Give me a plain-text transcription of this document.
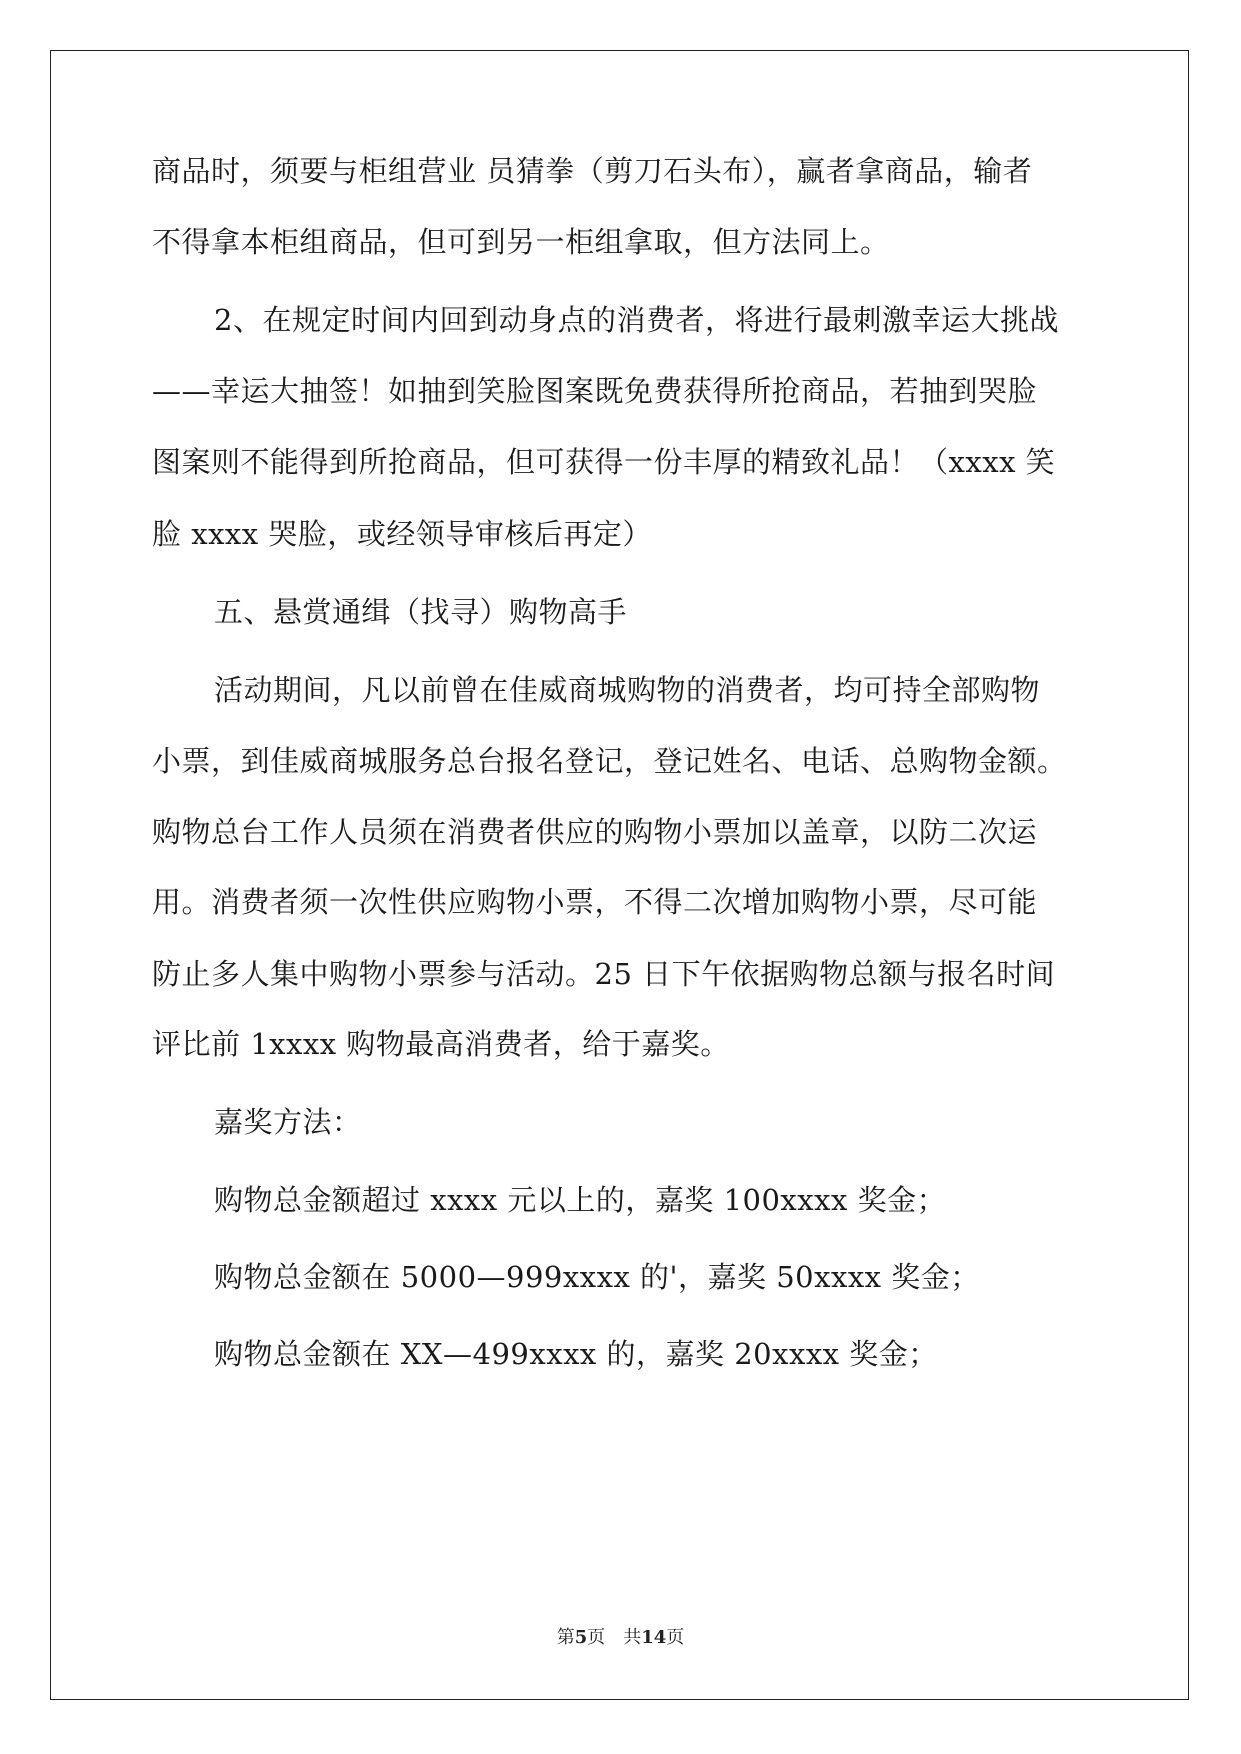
商品时，须要与柜组营业 员猜拳（剪刀石头布），赢者拿商品，输者
不得拿本柜组商品，但可到另一柜组拿取，但方法同上。
2、在规定时间内回到动身点的消费者，将进行最刺激幸运大挑战
——幸运大抽签！如抽到笑脸图案既免费获得所抢商品，若抽到哭脸
图案则不能得到所抢商品，但可获得一份丰厚的精致礼品！（xxxx 笑
脸 xxxx 哭脸，或经领导审核后再定）
五、悬赏通缉（找寻）购物高手
活动期间，凡以前曾在佳威商城购物的消费者，均可持全部购物
小票，到佳威商城服务总台报名登记，登记姓名、电话、总购物金额。
购物总台工作人员须在消费者供应的购物小票加以盖章，以防二次运
用。消费者须一次性供应购物小票，不得二次增加购物小票，尽可能
防止多人集中购物小票参与活动。25 日下午依据购物总额与报名时间
评比前 1xxxx 购物最高消费者，给于嘉奖。
嘉奖方法：
购物总金额超过 xxxx 元以上的，嘉奖 100xxxx 奖金；
购物总金额在 5000—999xxxx 的'，嘉奖 50xxxx 奖金；
购物总金额在 XX—499xxxx 的，嘉奖 20xxxx 奖金；
第5页　共14页
